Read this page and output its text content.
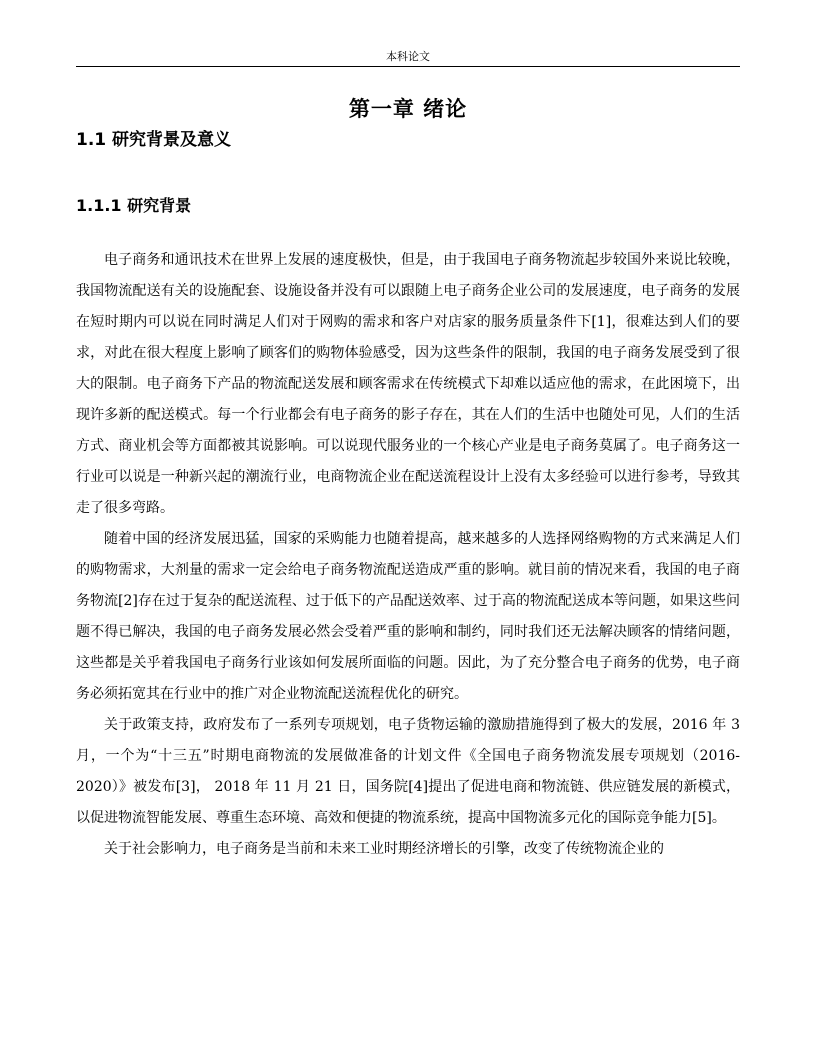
本科论文
第一章 绪论
1.1 研究背景及意义
1.1.1 研究背景

电子商务和通讯技术在世界上发展的速度极快，但是，由于我国电子商务物流起步较国外来说比较晚，我国物流配送有关的设施配套、设施设备并没有可以跟随上电子商务企业公司的发展速度，电子商务的发展在短时期内可以说在同时满足人们对于网购的需求和客户对店家的服务质量条件下[1]，很难达到人们的要求，对此在很大程度上影响了顾客们的购物体验感受，因为这些条件的限制，我国的电子商务发展受到了很大的限制。电子商务下产品的物流配送发展和顾客需求在传统模式下却难以适应他的需求，在此困境下，出现许多新的配送模式。每一个行业都会有电子商务的影子存在，其在人们的生活中也随处可见，人们的生活方式、商业机会等方面都被其说影响。可以说现代服务业的一个核心产业是电子商务莫属了。电子商务这一行业可以说是一种新兴起的潮流行业，电商物流企业在配送流程设计上没有太多经验可以进行参考，导致其走了很多弯路。

随着中国的经济发展迅猛，国家的采购能力也随着提高，越来越多的人选择网络购物的方式来满足人们的购物需求，大剂量的需求一定会给电子商务物流配送造成严重的影响。就目前的情况来看，我国的电子商务物流[2]存在过于复杂的配送流程、过于低下的产品配送效率、过于高的物流配送成本等问题，如果这些问题不得已解决，我国的电子商务发展必然会受着严重的影响和制约，同时我们还无法解决顾客的情绪问题，这些都是关乎着我国电子商务行业该如何发展所面临的问题。因此，为了充分整合电子商务的优势，电子商务必须拓宽其在行业中的推广对企业物流配送流程优化的研究。

关于政策支持，政府发布了一系列专项规划，电子货物运输的激励措施得到了极大的发展，2016 年 3 月，一个为“十三五”时期电商物流的发展做准备的计划文件《全国电子商务物流发展专项规划（2016-2020）》被发布[3]， 2018 年 11 月 21 日，国务院[4]提出了促进电商和物流链、供应链发展的新模式，以促进物流智能发展、尊重生态环境、高效和便捷的物流系统，提高中国物流多元化的国际竞争能力[5]。

关于社会影响力，电子商务是当前和未来工业时期经济增长的引擎，改变了传统物流企业的
